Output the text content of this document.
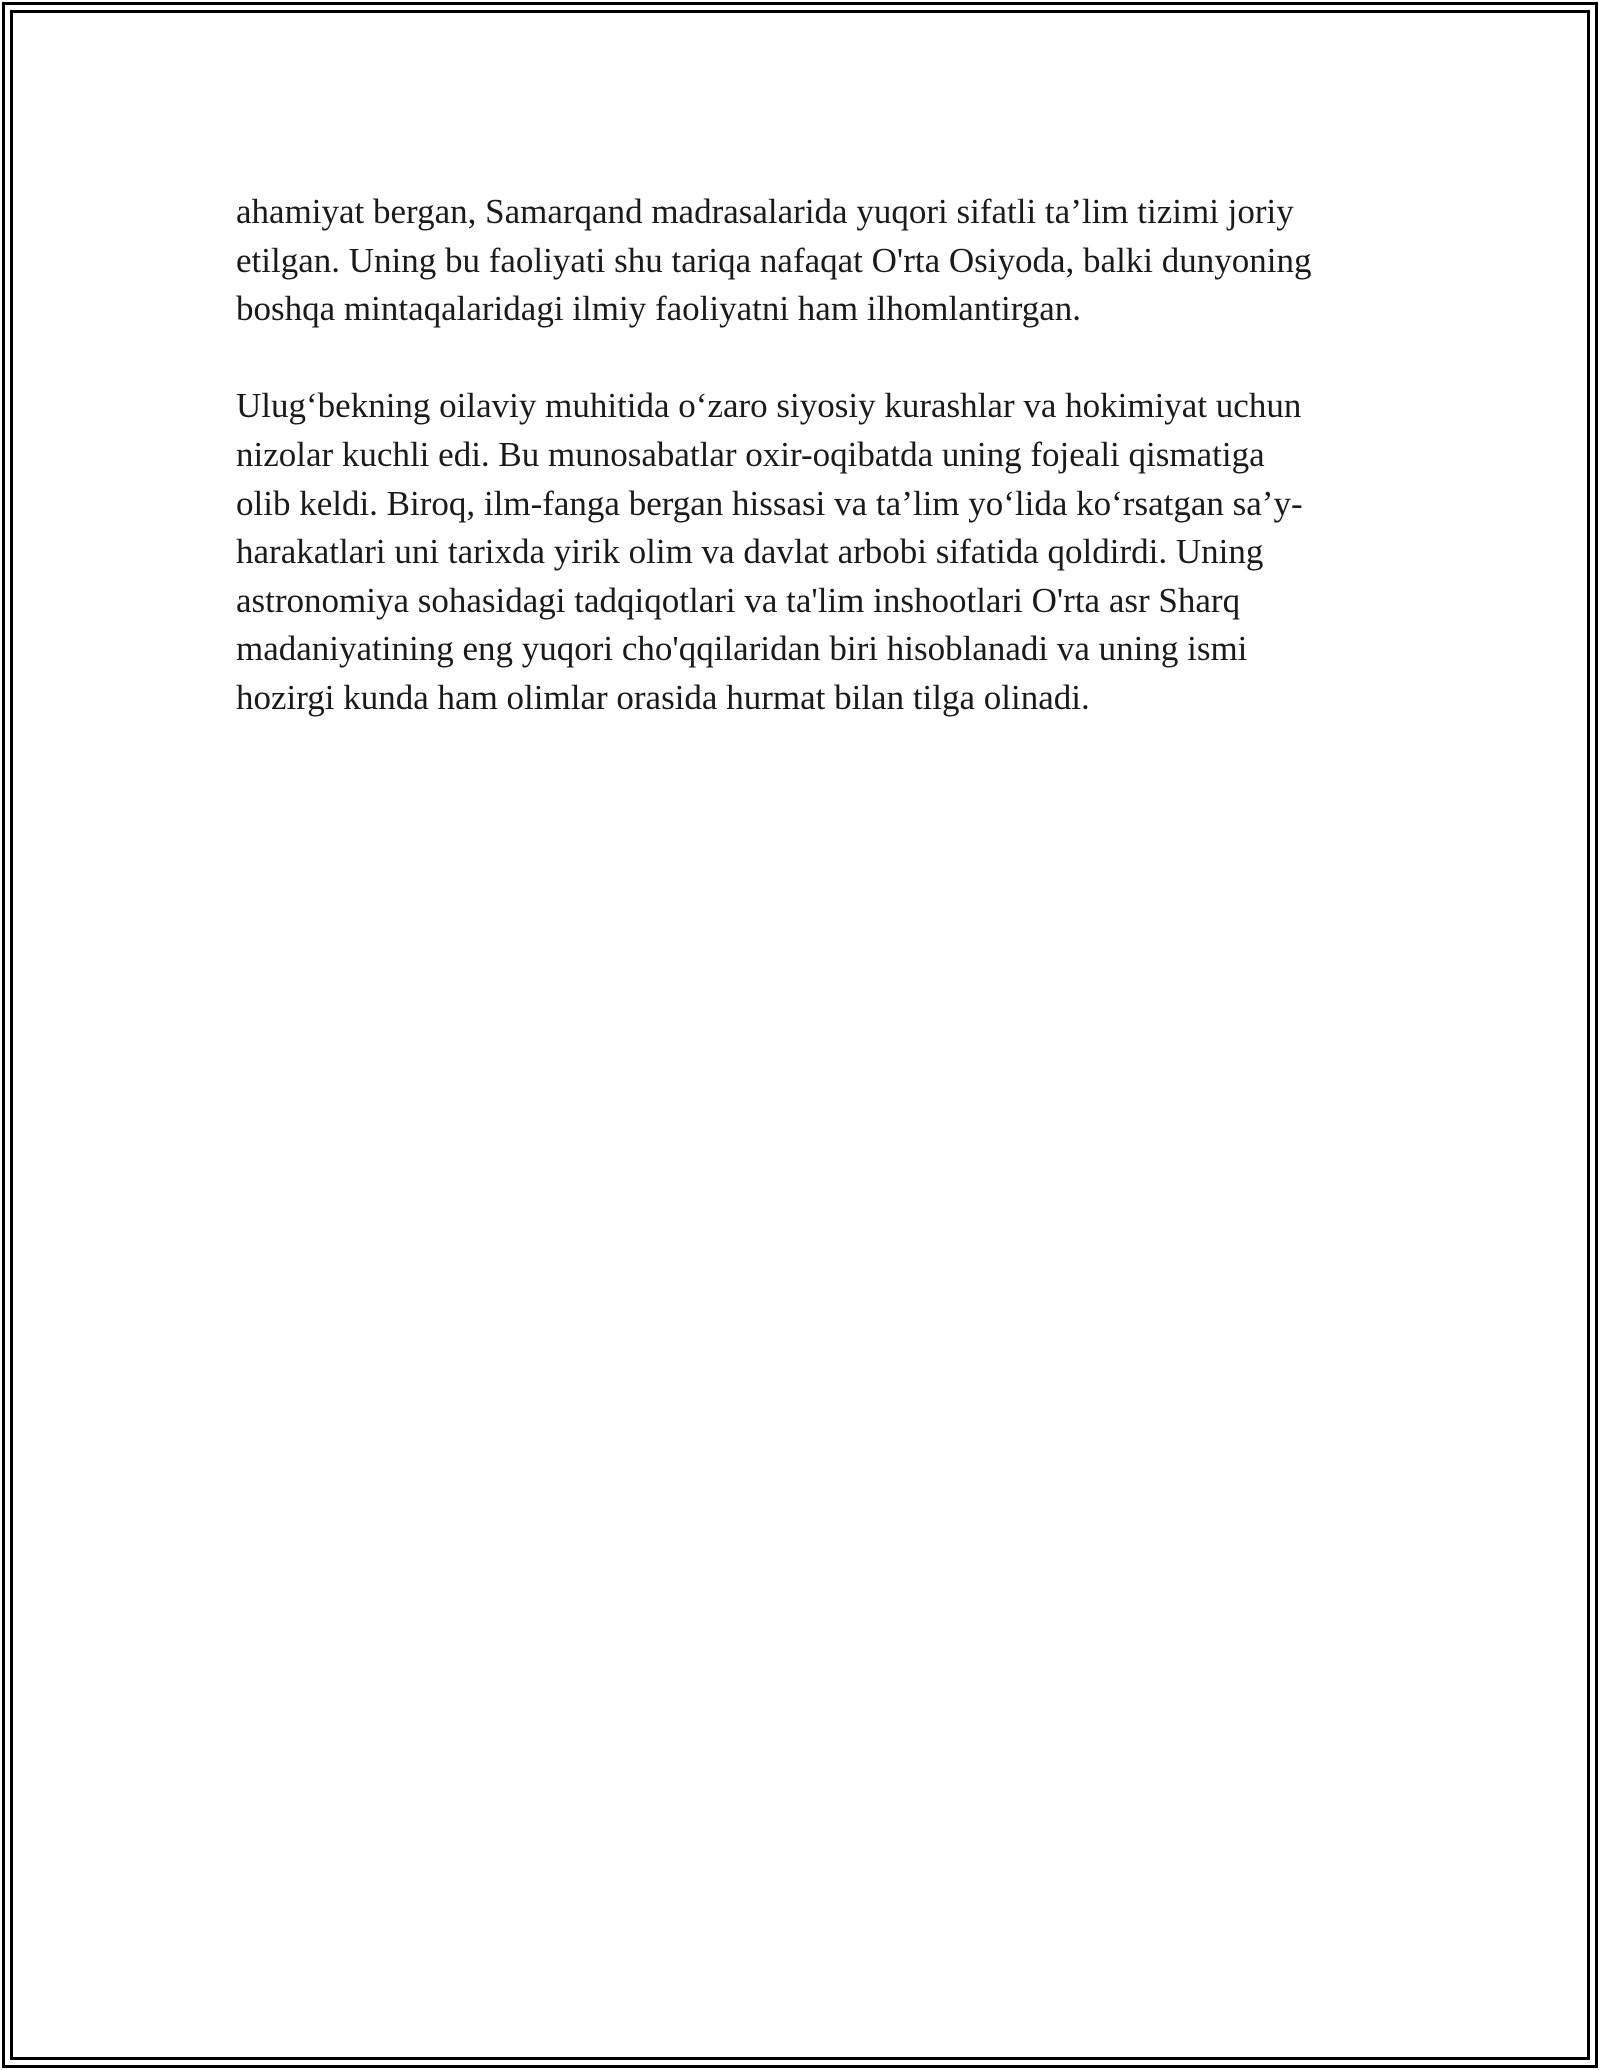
ahamiyat bergan, Samarqand madrasalarida yuqori sifatli ta’lim tizimi joriy
etilgan. Uning bu faoliyati shu tariqa nafaqat O'rta Osiyoda, balki dunyoning
boshqa mintaqalaridagi ilmiy faoliyatni ham ilhomlantirgan.

Ulug‘bekning oilaviy muhitida o‘zaro siyosiy kurashlar va hokimiyat uchun
nizolar kuchli edi. Bu munosabatlar oxir-oqibatda uning fojeali qismatiga
olib keldi. Biroq, ilm-fanga bergan hissasi va ta’lim yo‘lida ko‘rsatgan sa’y-
harakatlari uni tarixda yirik olim va davlat arbobi sifatida qoldirdi. Uning
astronomiya sohasidagi tadqiqotlari va ta'lim inshootlari O'rta asr Sharq
madaniyatining eng yuqori cho'qqilaridan biri hisoblanadi va uning ismi
hozirgi kunda ham olimlar orasida hurmat bilan tilga olinadi.
